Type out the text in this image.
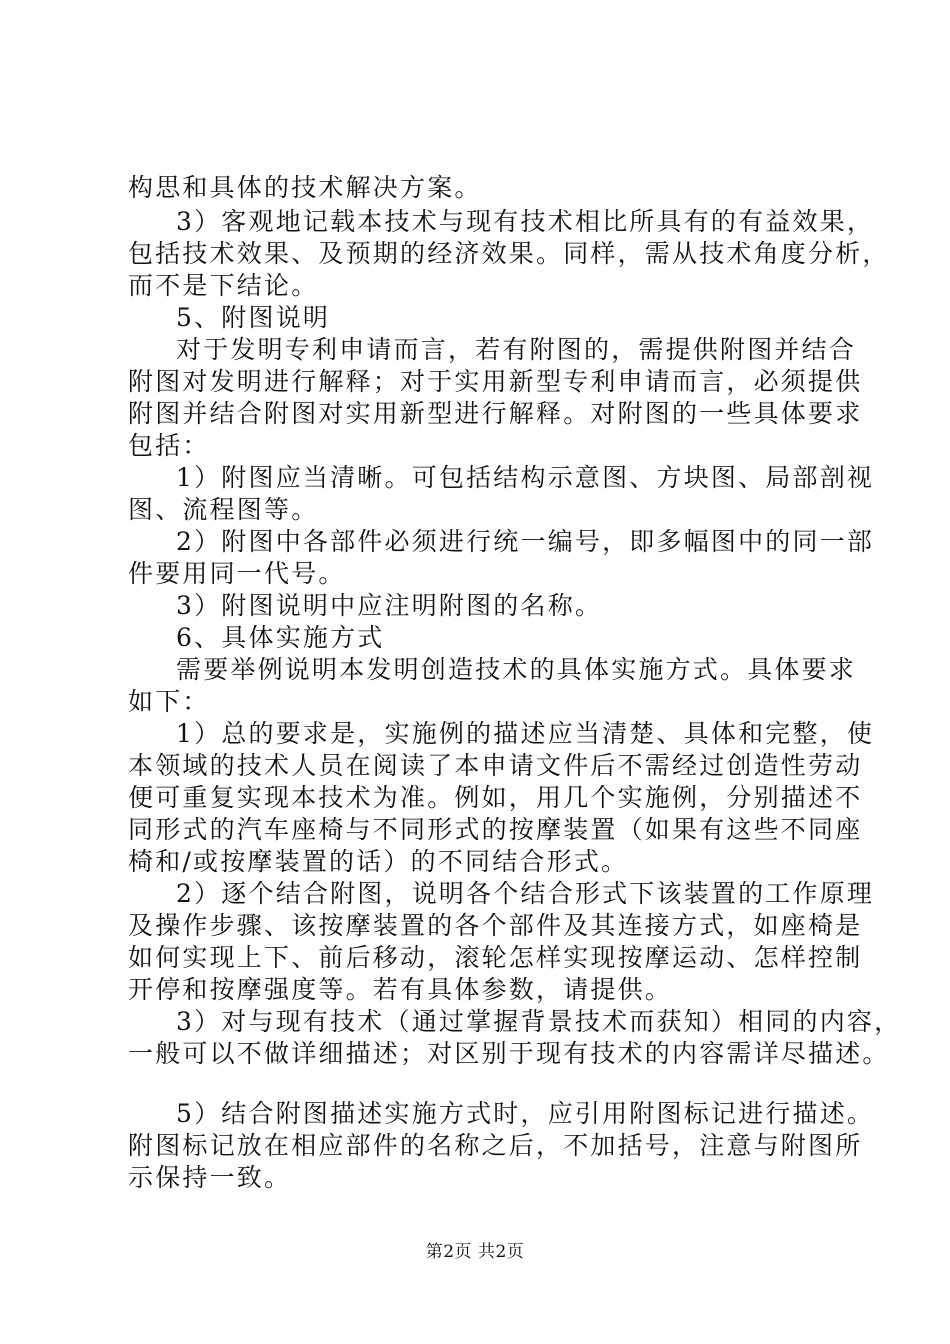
构思和具体的技术解决方案。
3）客观地记载本技术与现有技术相比所具有的有益效果，
包括技术效果、及预期的经济效果。同样，需从技术角度分析，
而不是下结论。
5、附图说明
对于发明专利申请而言，若有附图的，需提供附图并结合
附图对发明进行解释；对于实用新型专利申请而言，必须提供
附图并结合附图对实用新型进行解释。对附图的一些具体要求
包括：
1）附图应当清晰。可包括结构示意图、方块图、局部剖视
图、流程图等。
2）附图中各部件必须进行统一编号，即多幅图中的同一部
件要用同一代号。
3）附图说明中应注明附图的名称。
6、具体实施方式
需要举例说明本发明创造技术的具体实施方式。具体要求
如下：
1）总的要求是，实施例的描述应当清楚、具体和完整，使
本领域的技术人员在阅读了本申请文件后不需经过创造性劳动
便可重复实现本技术为准。例如，用几个实施例，分别描述不
同形式的汽车座椅与不同形式的按摩装置（如果有这些不同座
椅和/或按摩装置的话）的不同结合形式。
2）逐个结合附图，说明各个结合形式下该装置的工作原理
及操作步骤、该按摩装置的各个部件及其连接方式，如座椅是
如何实现上下、前后移动，滚轮怎样实现按摩运动、怎样控制
开停和按摩强度等。若有具体参数，请提供。
3）对与现有技术（通过掌握背景技术而获知）相同的内容，
一般可以不做详细描述；对区别于现有技术的内容需详尽描述。
5）结合附图描述实施方式时，应引用附图标记进行描述。
附图标记放在相应部件的名称之后，不加括号，注意与附图所
示保持一致。
第2页 共2页
